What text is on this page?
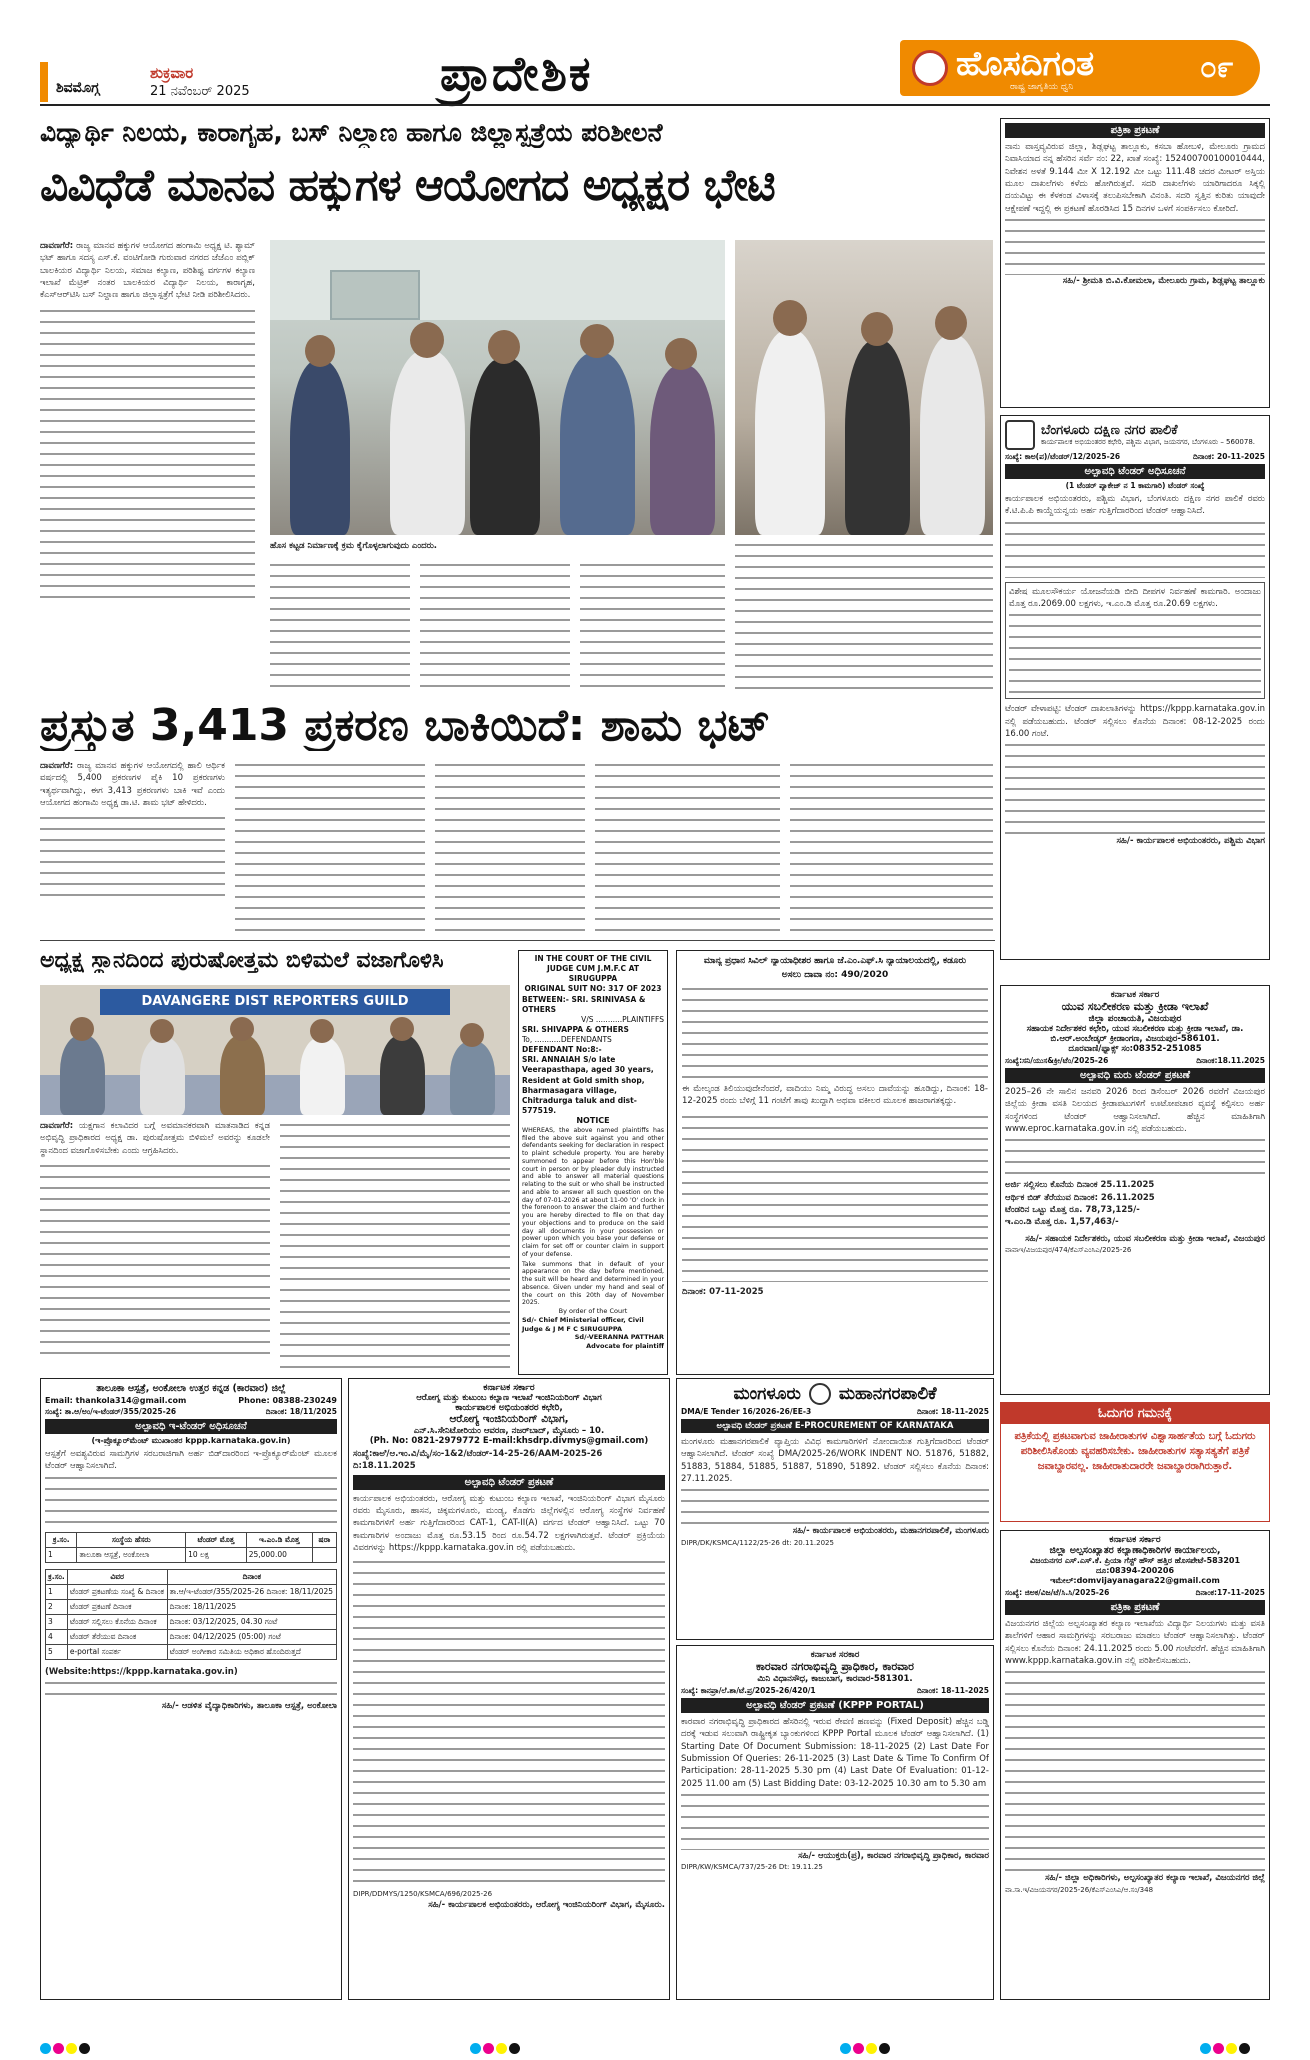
ಶಿವಮೊಗ್ಗ
ಶುಕ್ರವಾರ
21 ನವೆಂಬರ್ 2025	ಪ್ರಾದೇಶಿಕ	ಹೊಸದಿಗಂತ
ರಾಷ್ಟ್ರ ಜಾಗೃತಿಯ ಧ್ವನಿ
೦೯
ವಿದ್ಯಾರ್ಥಿ ನಿಲಯ, ಕಾರಾಗೃಹ, ಬಸ್ ನಿಲ್ದಾಣ ಹಾಗೂ ಜಿಲ್ಲಾಸ್ಪತ್ರೆಯ ಪರಿಶೀಲನೆ
ವಿವಿಧೆಡೆ ಮಾನವ ಹಕ್ಕುಗಳ ಆಯೋಗದ ಅಧ್ಯಕ್ಷರ ಭೇಟಿ
ದಾವಣಗೆರೆ: ರಾಜ್ಯ ಮಾನವ ಹಕ್ಕುಗಳ ಆಯೋಗದ ಹಂಗಾಮಿ ಅಧ್ಯಕ್ಷ ಟಿ. ಶ್ಯಾಮ್ ಭಟ್ ಹಾಗೂ ಸದಸ್ಯ ಎಸ್.ಕೆ. ವಂಟಿಗೋಡಿ ಗುರುವಾರ ನಗರದ ಜೆಜೆಎಂ ಪಬ್ಲಿಕ್ ಬಾಲಕಿಯರ ವಿದ್ಯಾರ್ಥಿ ನಿಲಯ, ಸಮಾಜ ಕಲ್ಯಾಣ, ಪರಿಶಿಷ್ಟ ವರ್ಗಗಳ ಕಲ್ಯಾಣ ಇಲಾಖೆ ಮೆಟ್ರಿಕ್ ನಂತರ ಬಾಲಕಿಯರ ವಿದ್ಯಾರ್ಥಿ ನಿಲಯ, ಕಾರಾಗೃಹ, ಕೆಎಸ್ಆರ್‌ಟಿಸಿ ಬಸ್ ನಿಲ್ದಾಣ ಹಾಗೂ ಜಿಲ್ಲಾಸ್ಪತ್ರೆಗೆ ಭೇಟಿ ನೀಡಿ ಪರಿಶೀಲಿಸಿದರು.
ಹೊಸ ಕಟ್ಟಡ ನಿರ್ಮಾಣಕ್ಕೆ ಕ್ರಮ ಕೈಗೊಳ್ಳಲಾಗುವುದು ಎಂದರು.
ಪ್ರಸ್ತುತ 3,413 ಪ್ರಕರಣ ಬಾಕಿಯಿದೆ: ಶಾಮ ಭಟ್
ದಾವಣಗೆರೆ: ರಾಜ್ಯ ಮಾನವ ಹಕ್ಕುಗಳ ಆಯೋಗದಲ್ಲಿ ಹಾಲಿ ಆರ್ಥಿಕ ವರ್ಷದಲ್ಲಿ 5,400 ಪ್ರಕರಣಗಳ ಪೈಕಿ 10 ಪ್ರಕರಣಗಳು ಇತ್ಯರ್ಥವಾಗಿದ್ದು, ಈಗ 3,413 ಪ್ರಕರಣಗಳು ಬಾಕಿ ಇವೆ ಎಂದು ಆಯೋಗದ ಹಂಗಾಮಿ ಅಧ್ಯಕ್ಷ ಡಾ.ಟಿ. ಶಾಮ ಭಟ್ ಹೇಳಿದರು.
ಅಧ್ಯಕ್ಷ ಸ್ಥಾನದಿಂದ ಪುರುಷೋತ್ತಮ ಬಿಳಿಮಲೆ ವಜಾಗೊಳಿಸಿ
DAVANGERE DIST REPORTERS GUILD
ದಾವಣಗೆರೆ: ಯಕ್ಷಗಾನ ಕಲಾವಿದರ ಬಗ್ಗೆ ಅವಮಾನಕರವಾಗಿ ಮಾತನಾಡಿದ ಕನ್ನಡ ಅಭಿವೃದ್ಧಿ ಪ್ರಾಧಿಕಾರದ ಅಧ್ಯಕ್ಷ ಡಾ. ಪುರುಷೋತ್ತಮ ಬಿಳಿಮಲೆ ಅವರನ್ನು ಕೂಡಲೇ ಸ್ಥಾನದಿಂದ ವಜಾಗೊಳಿಸಬೇಕು ಎಂದು ಆಗ್ರಹಿಸಿದರು.
IN THE COURT OF THE CIVIL JUDGE CUM J.M.F.C AT SIRUGUPPA
ORIGINAL SUIT NO: 317 OF 2023
BETWEEN:- SRI. SRINIVASA & OTHERS
V/S ...........PLAINTIFFS
SRI. SHIVAPPA & OTHERS
To, ...........DEFENDANTS
DEFENDANT No:8:-
SRI. ANNAIAH S/o late Veerapasthapa, aged 30 years, Resident at Gold smith shop, Bharmasagara village, Chitradurga taluk and dist-577519.
NOTICE
WHEREAS, the above named plaintiffs has filed the above suit against you and other defendants seeking for declaration in respect to plaint schedule property. You are hereby summoned to appear before this Hon'ble court in person or by pleader duly instructed and able to answer all material questions relating to the suit or who shall be instructed and able to answer all such question on the day of 07-01-2026 at about 11-00 'O' clock in the forenoon to answer the claim and further you are hereby directed to file on that day your objections and to produce on the said day all documents in your possession or power upon which you base your defense or claim for set off or counter claim in support of your defense.
Take summons that in default of your appearance on the day before mentioned, the suit will be heard and determined in your absence. Given under my hand and seal of the court on this 20th day of November 2025.
By order of the Court
Sd/- Chief Ministerial officer, Civil Judge & J M F C SIRUGUPPA
Sd/-VEERANNA PATTHAR
Advocate for plaintiff
ಮಾನ್ಯ ಪ್ರಧಾನ ಸಿವಿಲ್ ನ್ಯಾಯಾಧೀಶರ ಹಾಗೂ ಜೆ.ಎಂ.ಎಫ್.ಸಿ ನ್ಯಾಯಾಲಯದಲ್ಲಿ, ಕಡೂರು
ಅಸಲು ದಾವಾ ನಂ: 490/2020
ಈ ಮೇಲ್ಕಂಡ ತಿಲಿಯುವುದೇನೆಂದರೆ, ವಾದಿಯು ನಿಮ್ಮ ವಿರುದ್ಧ ಅಸಲು ದಾವೆಯನ್ನು ಹೂಡಿದ್ದು, ದಿನಾಂಕ: 18-12-2025 ರಂದು ಬೆಳಿಗ್ಗೆ 11 ಗಂಟೆಗೆ ತಾವು ಖುದ್ದಾಗಿ ಅಥವಾ ವಕೀಲರ ಮೂಲಕ ಹಾಜರಾಗತಕ್ಕದ್ದು.
ದಿನಾಂಕ: 07-11-2025
ತಾಲೂಕಾ ಆಸ್ಪತ್ರೆ, ಅಂಕೋಲಾ ಉತ್ತರ ಕನ್ನಡ (ಕಾರವಾರ) ಜಿಲ್ಲೆ
Email: thankola314@gmail.com	Phone: 08388-230249
ಸಂಖ್ಯೆ: ತಾ.ಆ/ಅಂ/ಇ-ಟೆಂಡರ್/355/2025-26	ದಿನಾಂಕ: 18/11/2025
ಅಲ್ಪಾವಧಿ ಇ-ಟೆಂಡರ್ ಅಧಿಸೂಚನೆ
(ಇ-ಪ್ರೊಕ್ಯೂರ್‌ಮೆಂಟ್ ಮುಖಾಂತರ kppp.karnataka.gov.in)
ಆಸ್ಪತ್ರೆಗೆ ಅವಶ್ಯವಿರುವ ಸಾಮಗ್ರಿಗಳ ಸರಬರಾಜಿಗಾಗಿ ಅರ್ಹ ಬಿಡ್‌ದಾರರಿಂದ ಇ-ಪ್ರೊಕ್ಯೂರ್‌ಮೆಂಟ್ ಮೂಲಕ ಟೆಂಡರ್ ಆಹ್ವಾನಿಸಲಾಗಿದೆ.
ಕ್ರ.ಸಂ.	ಸಂಸ್ಥೆಯ ಹೆಸರು	ಟೆಂಡರ್ ಮೊತ್ತ	ಇ.ಎಂ.ಡಿ ಮೊತ್ತ	ಷರಾ
1	ತಾಲೂಕಾ ಆಸ್ಪತ್ರೆ, ಅಂಕೋಲಾ	10 ಲಕ್ಷ	25,000.00	
ಕ್ರ.ಸಂ.	ವಿವರ	ದಿನಾಂಕ
1	ಟೆಂಡರ್ ಪ್ರಕಟಣೆಯ ಸಂಖ್ಯೆ & ದಿನಾಂಕ	ತಾ.ಆ/ಇ-ಟೆಂಡರ್/355/2025-26 ದಿನಾಂಕ: 18/11/2025
2	ಟೆಂಡರ್ ಪ್ರಕಟಣೆ ದಿನಾಂಕ	ದಿನಾಂಕ: 18/11/2025
3	ಟೆಂಡರ್ ಸಲ್ಲಿಸಲು ಕೊನೆಯ ದಿನಾಂಕ	ದಿನಾಂಕ: 03/12/2025, 04.30 ಗಂಟೆ
4	ಟೆಂಡರ್ ತೆರೆಯುವ ದಿನಾಂಕ	ದಿನಾಂಕ: 04/12/2025 (05:00) ಗಂಟೆ
5	e-portal ಸಂಪರ್ಕ	ಟೆಂಡರ್ ಅಂಗೀಕಾರ ಸಮಿತಿಯ ಅಧಿಕಾರ ಹೊಂದಿರುತ್ತದೆ
(Website:https://kppp.karnataka.gov.in)
ಸಹಿ/- ಆಡಳಿತ ವೈದ್ಯಾಧಿಕಾರಿಗಳು, ತಾಲೂಕಾ ಆಸ್ಪತ್ರೆ, ಅಂಕೋಲಾ
ಕರ್ನಾಟಕ ಸರ್ಕಾರ
ಆರೋಗ್ಯ ಮತ್ತು ಕುಟುಂಬ ಕಲ್ಯಾಣ ಇಲಾಖೆ ಇಂಜಿನಿಯರಿಂಗ್ ವಿಭಾಗ
ಕಾರ್ಯಪಾಲಕ ಅಭಿಯಂತರರ ಕಛೇರಿ,
ಆರೋಗ್ಯ ಇಂಜಿನಿಯರಿಂಗ್ ವಿಭಾಗ,
ಎನ್.ಸಿ.ಸೇನಿಟೋರಿಯಂ ಆವರಣ, ನಜರ್‌ಬಾದ್, ಮೈಸೂರು – 10.
(Ph. No: 0821-2979772 E-mail:khsdrp.divmys@gmail.com)
ಸಂಖ್ಯೆ:ಕಾಅಿ/ಆ.ಇಂ.ವಿ/ಮೈ/ಸಂ-1&2/ಟೆಂಡರ್-14-25-26/AAM-2025-26 ದಿ:18.11.2025
ಅಲ್ಪಾವಧಿ ಟೆಂಡರ್ ಪ್ರಕಟಣೆ
ಕಾರ್ಯಪಾಲಕ ಅಭಿಯಂತರರು, ಆರೋಗ್ಯ ಮತ್ತು ಕುಟುಂಬ ಕಲ್ಯಾಣ ಇಲಾಖೆ, ಇಂಜಿನಿಯರಿಂಗ್ ವಿಭಾಗ ಮೈಸೂರು ರವರು ಮೈಸೂರು, ಹಾಸನ, ಚಿಕ್ಕಮಗಳೂರು, ಮಂಡ್ಯ, ಕೊಡಗು ಜಿಲ್ಲೆಗಳಲ್ಲಿನ ಆರೋಗ್ಯ ಸಂಸ್ಥೆಗಳ ನಿರ್ವಹಣೆ ಕಾಮಗಾರಿಗಳಿಗೆ ಅರ್ಹ ಗುತ್ತಿಗೆದಾರರಿಂದ CAT-1, CAT-II(A) ವರ್ಗದ ಟೆಂಡರ್ ಆಹ್ವಾನಿಸಿದೆ. ಒಟ್ಟು 70 ಕಾಮಗಾರಿಗಳ ಅಂದಾಜು ಮೊತ್ತ ರೂ.53.15 ರಿಂದ ರೂ.54.72 ಲಕ್ಷಗಳಾಗಿರುತ್ತವೆ. ಟೆಂಡರ್ ಪ್ರಕ್ರಿಯೆಯ ವಿವರಗಳನ್ನು https://kppp.karnataka.gov.in ರಲ್ಲಿ ಪಡೆಯಬಹುದು.
DIPR/DDMYS/1250/KSMCA/696/2025-26
ಸಹಿ/- ಕಾರ್ಯಪಾಲಕ ಅಭಿಯಂತರರು, ಆರೋಗ್ಯ ಇಂಜಿನಿಯರಿಂಗ್ ವಿಭಾಗ, ಮೈಸೂರು.
ಮಂಗಳೂರು ಮಹಾನಗರಪಾಲಿಕೆ
DMA/E Tender 16/2026-26/EE-3	ದಿನಾಂಕ: 18-11-2025
ಅಲ್ಪಾವಧಿ ಟೆಂಡರ್ ಪ್ರಕಟಣೆ E-PROCUREMENT OF KARNATAKA
ಮಂಗಳೂರು ಮಹಾನಗರಪಾಲಿಕೆ ವ್ಯಾಪ್ತಿಯ ವಿವಿಧ ಕಾಮಗಾರಿಗಳಿಗೆ ನೋಂದಾಯಿತ ಗುತ್ತಿಗೆದಾರರಿಂದ ಟೆಂಡರ್ ಆಹ್ವಾನಿಸಲಾಗಿದೆ. ಟೆಂಡರ್ ಸಂಖ್ಯೆ DMA/2025-26/WORK INDENT NO. 51876, 51882, 51883, 51884, 51885, 51887, 51890, 51892. ಟೆಂಡರ್ ಸಲ್ಲಿಸಲು ಕೊನೆಯ ದಿನಾಂಕ: 27.11.2025.
ಸಹಿ/- ಕಾರ್ಯಪಾಲಕ ಅಭಿಯಂತರರು, ಮಹಾನಗರಪಾಲಿಕೆ, ಮಂಗಳೂರು
DIPR/DK/KSMCA/1122/25-26 dt: 20.11.2025
ಕರ್ನಾಟಕ ಸರಕಾರ
ಕಾರವಾರ ನಗರಾಭಿವೃದ್ಧಿ ಪ್ರಾಧಿಕಾರ, ಕಾರವಾರ
ಮಿನಿ ವಿಧಾನಸೌಧ, ಕಾಜುಬಾಗ, ಕಾರವಾರ-581301.
ಸಂಖ್ಯೆ: ಕಾನಪ್ರಾ/ಲೆ.ಶಾ/ಟೆ.ಪ್ರ/2025-26/420/1	ದಿನಾಂಕ: 18-11-2025
ಅಲ್ಪಾವಧಿ ಟೆಂಡರ್ ಪ್ರಕಟಣೆ (KPPP PORTAL)
ಕಾರವಾರ ನಗರಾಭಿವೃದ್ಧಿ ಪ್ರಾಧಿಕಾರದ ಹೆಸರಿನಲ್ಲಿ ಇರುವ ಠೇವಣಿ ಹಣವನ್ನು (Fixed Deposit) ಹೆಚ್ಚಿನ ಬಡ್ಡಿ ದರಕ್ಕೆ ಇಡುವ ಸಲುವಾಗಿ ರಾಷ್ಟ್ರೀಕೃತ ಬ್ಯಾಂಕುಗಳಿಂದ KPPP Portal ಮೂಲಕ ಟೆಂಡರ್ ಆಹ್ವಾನಿಸಲಾಗಿದೆ. (1) Starting Date Of Document Submission: 18-11-2025 (2) Last Date For Submission Of Queries: 26-11-2025 (3) Last Date & Time To Confirm Of Participation: 28-11-2025 5.30 pm (4) Last Date Of Evaluation: 01-12-2025 11.00 am (5) Last Bidding Date: 03-12-2025 10.30 am to 5.30 am
ಸಹಿ/- ಆಯುಕ್ತರು(ಪ್ರ), ಕಾರವಾರ ನಗರಾಭಿವೃದ್ಧಿ ಪ್ರಾಧಿಕಾರ, ಕಾರವಾರ
DIPR/KW/KSMCA/737/25-26 Dt: 19.11.25
ಪತ್ರಿಕಾ ಪ್ರಕಟಣೆ
ನಾನು ವಾಸ್ತವ್ಯವಿರುವ ಜಿಲ್ಲಾ, ಶಿಡ್ಲಘಟ್ಟ ತಾಲ್ಲೂಕು, ಕಸಬಾ ಹೋಬಳಿ, ಮೇಲೂರು ಗ್ರಾಮದ ನಿವಾಸಿಯಾದ ನನ್ನ ಹೆಸರಿನ ಸರ್ವೆ ನಂ: 22, ಖಾತೆ ಸಂಖ್ಯೆ: 152400700100010444, ನಿವೇಶನ ಅಳತೆ 9.144 ಮೀ X 12.192 ಮೀ ಒಟ್ಟು 111.48 ಚದರ ಮೀಟರ್ ಅಸ್ತಿಯ ಮೂಲ ದಾಖಲೆಗಳು ಕಳೆದು ಹೋಗಿರುತ್ತವೆ. ಸದರಿ ದಾಖಲೆಗಳು ಯಾರಿಗಾದರೂ ಸಿಕ್ಕಲ್ಲಿ ದಯವಿಟ್ಟು ಈ ಕೆಳಕಂಡ ವಿಳಾಸಕ್ಕೆ ತಲುಪಿಸಬೇಕಾಗಿ ವಿನಂತಿ. ಸದರಿ ಸ್ವತ್ತಿನ ಕುರಿತು ಯಾವುದೇ ಆಕ್ಷೇಪಣೆ ಇದ್ದಲ್ಲಿ ಈ ಪ್ರಕಟಣೆ ಹೊರಡಿಸಿದ 15 ದಿನಗಳ ಒಳಗೆ ಸಂಪರ್ಕಿಸಲು ಕೋರಿದೆ.
ಸಹಿ/- ಶ್ರೀಮತಿ ಬಿ.ವಿ.ಕೋಮಲಾ, ಮೇಲೂರು ಗ್ರಾಮ, ಶಿಡ್ಲಘಟ್ಟ ತಾಲ್ಲೂಕು
ಬೆಂಗಳೂರು ದಕ್ಷಿಣ ನಗರ ಪಾಲಿಕೆ
ಕಾರ್ಯಪಾಲಕ ಅಭಿಯಂತರರ ಕಛೇರಿ, ಪಶ್ಚಿಮ ವಿಭಾಗ, ಜಯನಗರ, ಬೆಂಗಳೂರು – 560078.
ಸಂಖ್ಯೆ: ಕಾಅ(ಪ)/ಟೆಂಡರ್/12/2025-26	ದಿನಾಂಕ: 20-11-2025
ಅಲ್ಪಾವಧಿ ಟೆಂಡರ್ ಅಧಿಸೂಚನೆ
(1 ಟೆಂಡರ್ ಪ್ಯಾಕೇಜ್ ನ 1 ಕಾಮಗಾರಿ) ಟೆಂಡರ್ ಸಂಖ್ಯೆ
ಕಾರ್ಯಪಾಲಕ ಅಭಿಯಂತರರು, ಪಶ್ಚಿಮ ವಿಭಾಗ, ಬೆಂಗಳೂರು ದಕ್ಷಿಣ ನಗರ ಪಾಲಿಕೆ ರವರು ಕೆ.ಟಿ.ಪಿ.ಪಿ ಕಾಯ್ದೆಯನ್ವಯ ಅರ್ಹ ಗುತ್ತಿಗೆದಾರರಿಂದ ಟೆಂಡರ್ ಆಹ್ವಾನಿಸಿದೆ.
ವಿಶೇಷ ಮೂಲಸೌಕರ್ಯ ಯೋಜನೆಯಡಿ ಬೀದಿ ದೀಪಗಳ ನಿರ್ವಹಣೆ ಕಾಮಗಾರಿ. ಅಂದಾಜು ಮೊತ್ತ ರೂ.2069.00 ಲಕ್ಷಗಳು, ಇ.ಎಂ.ಡಿ ಮೊತ್ತ ರೂ.20.69 ಲಕ್ಷಗಳು.
ಟೆಂಡರ್ ವೇಳಾಪಟ್ಟಿ: ಟೆಂಡರ್ ದಾಖಲಾತಿಗಳನ್ನು https://kppp.karnataka.gov.in ನಲ್ಲಿ ಪಡೆಯಬಹುದು. ಟೆಂಡರ್ ಸಲ್ಲಿಸಲು ಕೊನೆಯ ದಿನಾಂಕ: 08-12-2025 ರಂದು 16.00 ಗಂಟೆ.
ಸಹಿ/- ಕಾರ್ಯಪಾಲಕ ಅಭಿಯಂತರರು, ಪಶ್ಚಿಮ ವಿಭಾಗ
ಕರ್ನಾಟಕ ಸರ್ಕಾರ
ಯುವ ಸಬಲೀಕರಣ ಮತ್ತು ಕ್ರೀಡಾ ಇಲಾಖೆ
ಜಿಲ್ಲಾ ಪಂಚಾಯತಿ, ವಿಜಯಪುರ
ಸಹಾಯಕ ನಿರ್ದೇಶಕರ ಕಛೇರಿ, ಯುವ ಸಬಲೀಕರಣ ಮತ್ತು ಕ್ರೀಡಾ ಇಲಾಖೆ, ಡಾ. ಬಿ.ಆರ್.ಅಂಬೇಡ್ಕರ್ ಕ್ರೀಡಾಂಗಣ, ವಿಜಯಪುರ-586101.
ದೂರವಾಣಿ/ಫ್ಯಾಕ್ಸ್ ಸಂ:08352-251085
ಸಂಖ್ಯೆ:ಸನಿ/ಯುಸ&ಕ್ರೀ/ಟೆಂ/2025-26	ದಿನಾಂಕ:18.11.2025
ಅಲ್ಪಾವಧಿ ಮರು ಟೆಂಡರ್ ಪ್ರಕಟಣೆ
2025–26 ನೇ ಸಾಲಿನ ಜನವರಿ 2026 ರಿಂದ ಡಿಸೆಂಬರ್ 2026 ರವರೆಗೆ ವಿಜಯಪುರ ಜಿಲ್ಲೆಯ ಕ್ರೀಡಾ ವಸತಿ ನಿಲಯದ ಕ್ರೀಡಾಪಟುಗಳಿಗೆ ಊಟೋಪಚಾರ ವ್ಯವಸ್ಥೆ ಕಲ್ಪಿಸಲು ಅರ್ಹ ಸಂಸ್ಥೆಗಳಿಂದ ಟೆಂಡರ್ ಆಹ್ವಾನಿಸಲಾಗಿದೆ. ಹೆಚ್ಚಿನ ಮಾಹಿತಿಗಾಗಿ www.eproc.karnataka.gov.in ನಲ್ಲಿ ಪಡೆಯಬಹುದು.
ಅರ್ಜಿ ಸಲ್ಲಿಸಲು ಕೊನೆಯ ದಿನಾಂಕ 25.11.2025
ಆರ್ಥಿಕ ಬಿಡ್ ತೆರೆಯುವ ದಿನಾಂಕ: 26.11.2025
ಟೆಂಡರಿನ ಒಟ್ಟು ಮೊತ್ತ ರೂ. 78,73,125/-
ಇ.ಎಂ.ಡಿ ಮೊತ್ತ ರೂ. 1,57,463/-
ಸಹಿ/- ಸಹಾಯಕ ನಿರ್ದೇಶಕರು, ಯುವ ಸಬಲೀಕರಣ ಮತ್ತು ಕ್ರೀಡಾ ಇಲಾಖೆ, ವಿಜಯಪುರ
ವಾವಾಇ/ವಿಜಯಪುರ/474/ಕೆಎಸ್ಎಂಸಿಎ/2025-26
ಓದುಗರ ಗಮನಕ್ಕೆ
ಪತ್ರಿಕೆಯಲ್ಲಿ ಪ್ರಕಟವಾಗುವ ಜಾಹೀರಾತುಗಳ ವಿಶ್ವಾಸಾರ್ಹತೆಯ ಬಗ್ಗೆ ಓದುಗರು ಪರಿಶೀಲಿಸಿಕೊಂಡು ವ್ಯವಹರಿಸಬೇಕು. ಜಾಹೀರಾತುಗಳ ಸತ್ಯಾಸತ್ಯತೆಗೆ ಪತ್ರಿಕೆ ಜವಾಬ್ದಾರವಲ್ಲ. ಜಾಹೀರಾತುದಾರರೇ ಜವಾಬ್ದಾರರಾಗಿರುತ್ತಾರೆ.
ಕರ್ನಾಟಕ ಸರ್ಕಾರ
ಜಿಲ್ಲಾ ಅಲ್ಪಸಂಖ್ಯಾತರ ಕಲ್ಯಾಣಾಧಿಕಾರಿಗಳ ಕಾರ್ಯಾಲಯ,
ವಿಜಯನಗರ ಎಸ್.ಎಸ್.ಕೆ. ಪ್ರಿಯಾ ಗೆಸ್ಟ್ ಹೌಸ್ ಹತ್ತಿರ ಹೊಸಪೇಟೆ-583201
ದೂ:08394-200206
ಇಮೇಲ್:domvijayanagara22@gmail.com
ಸಂಖ್ಯೆ: ಜಿಅಕ/ವಿಜ/ಟೆ/ಸಿ.ಸಿ/2025-26	ದಿನಾಂಕ:17-11-2025
ಪತ್ರಿಕಾ ಪ್ರಕಟಣೆ
ವಿಜಯನಗರ ಜಿಲ್ಲೆಯ ಅಲ್ಪಸಂಖ್ಯಾತರ ಕಲ್ಯಾಣ ಇಲಾಖೆಯ ವಿದ್ಯಾರ್ಥಿ ನಿಲಯಗಳು ಮತ್ತು ವಸತಿ ಶಾಲೆಗಳಿಗೆ ಆಹಾರ ಸಾಮಗ್ರಿಗಳನ್ನು ಸರಬರಾಜು ಮಾಡಲು ಟೆಂಡರ್ ಆಹ್ವಾನಿಸಲಾಗಿತ್ತು. ಟೆಂಡರ್ ಸಲ್ಲಿಸಲು ಕೊನೆಯ ದಿನಾಂಕ: 24.11.2025 ರಂದು 5.00 ಗಂಟೆವರೆಗೆ. ಹೆಚ್ಚಿನ ಮಾಹಿತಿಗಾಗಿ www.kppp.karnataka.gov.in ನಲ್ಲಿ ಪರಿಶೀಲಿಸಬಹುದು.
ಸಹಿ/- ಜಿಲ್ಲಾ ಅಧಿಕಾರಿಗಳು, ಅಲ್ಪಸಂಖ್ಯಾತರ ಕಲ್ಯಾಣ ಇಲಾಖೆ, ವಿಜಯನಗರ ಜಿಲ್ಲೆ
ವಾ.ಸಾ.ಇ/ವಿಜಯನಗರ/2025-26/ಕೆಎಸ್ಎಂಸಿಎ/ಆ.ಸಂ/348
